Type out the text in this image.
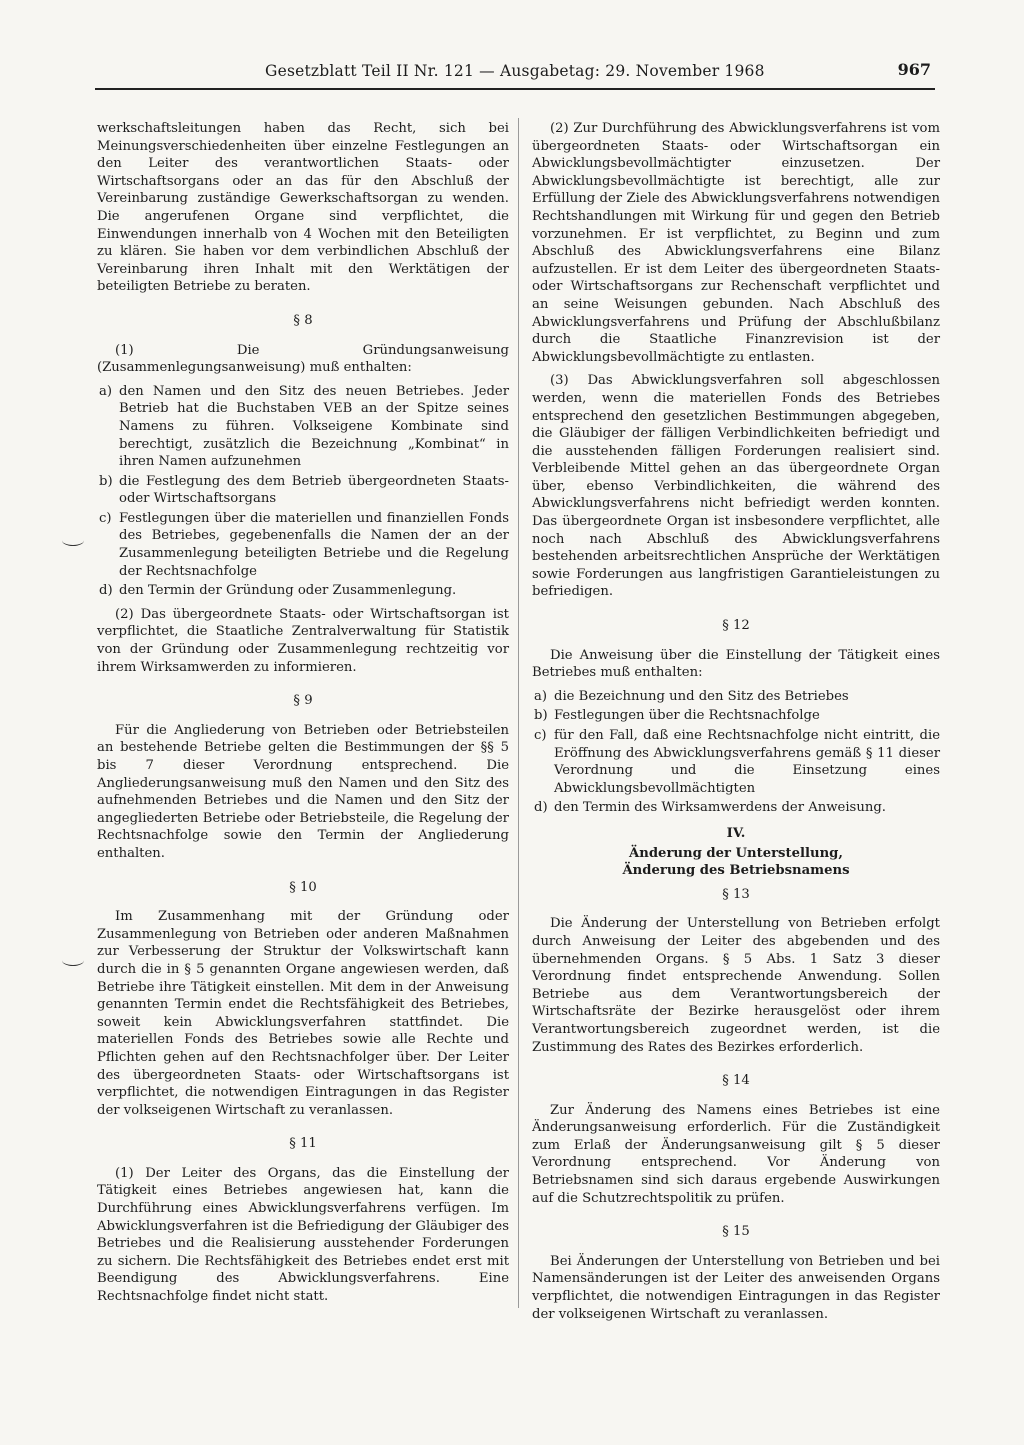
Gesetzblatt Teil II Nr. 121 — Ausgabetag: 29. November 1968	967

werkschaftsleitungen haben das Recht, sich bei Meinungsverschiedenheiten über einzelne Festlegungen an den Leiter des verantwortlichen Staats- oder Wirtschaftsorgans oder an das für den Abschluß der Vereinbarung zuständige Gewerkschaftsorgan zu wenden. Die angerufenen Organe sind verpflichtet, die Einwendungen innerhalb von 4 Wochen mit den Beteiligten zu klären. Sie haben vor dem verbindlichen Abschluß der Vereinbarung ihren Inhalt mit den Werktätigen der beteiligten Betriebe zu beraten.

§ 8

(1) Die Gründungsanweisung (Zusammenlegungsanweisung) muß enthalten:

a) den Namen und den Sitz des neuen Betriebes. Jeder Betrieb hat die Buchstaben VEB an der Spitze seines Namens zu führen. Volkseigene Kombinate sind berechtigt, zusätzlich die Bezeichnung „Kombinat“ in ihren Namen aufzunehmen
b) die Festlegung des dem Betrieb übergeordneten Staats- oder Wirtschaftsorgans
c) Festlegungen über die materiellen und finanziellen Fonds des Betriebes, gegebenenfalls die Namen der an der Zusammenlegung beteiligten Betriebe und die Regelung der Rechtsnachfolge
d) den Termin der Gründung oder Zusammenlegung.

(2) Das übergeordnete Staats- oder Wirtschaftsorgan ist verpflichtet, die Staatliche Zentralverwaltung für Statistik von der Gründung oder Zusammenlegung rechtzeitig vor ihrem Wirksamwerden zu informieren.

§ 9

Für die Angliederung von Betrieben oder Betriebsteilen an bestehende Betriebe gelten die Bestimmungen der §§ 5 bis 7 dieser Verordnung entsprechend. Die Angliederungsanweisung muß den Namen und den Sitz des aufnehmenden Betriebes und die Namen und den Sitz der angegliederten Betriebe oder Betriebsteile, die Regelung der Rechtsnachfolge sowie den Termin der Angliederung enthalten.

§ 10

Im Zusammenhang mit der Gründung oder Zusammenlegung von Betrieben oder anderen Maßnahmen zur Verbesserung der Struktur der Volkswirtschaft kann durch die in § 5 genannten Organe angewiesen werden, daß Betriebe ihre Tätigkeit einstellen. Mit dem in der Anweisung genannten Termin endet die Rechtsfähigkeit des Betriebes, soweit kein Abwicklungsverfahren stattfindet. Die materiellen Fonds des Betriebes sowie alle Rechte und Pflichten gehen auf den Rechtsnachfolger über. Der Leiter des übergeordneten Staats- oder Wirtschaftsorgans ist verpflichtet, die notwendigen Eintragungen in das Register der volkseigenen Wirtschaft zu veranlassen.

§ 11

(1) Der Leiter des Organs, das die Einstellung der Tätigkeit eines Betriebes angewiesen hat, kann die Durchführung eines Abwicklungsverfahrens verfügen. Im Abwicklungsverfahren ist die Befriedigung der Gläubiger des Betriebes und die Realisierung ausstehender Forderungen zu sichern. Die Rechtsfähigkeit des Betriebes endet erst mit Beendigung des Abwicklungsverfahrens. Eine Rechtsnachfolge findet nicht statt.

(2) Zur Durchführung des Abwicklungsverfahrens ist vom übergeordneten Staats- oder Wirtschaftsorgan ein Abwicklungsbevollmächtigter einzusetzen. Der Abwicklungsbevollmächtigte ist berechtigt, alle zur Erfüllung der Ziele des Abwicklungsverfahrens notwendigen Rechtshandlungen mit Wirkung für und gegen den Betrieb vorzunehmen. Er ist verpflichtet, zu Beginn und zum Abschluß des Abwicklungsverfahrens eine Bilanz aufzustellen. Er ist dem Leiter des übergeordneten Staats- oder Wirtschaftsorgans zur Rechenschaft verpflichtet und an seine Weisungen gebunden. Nach Abschluß des Abwicklungsverfahrens und Prüfung der Abschlußbilanz durch die Staatliche Finanzrevision ist der Abwicklungsbevollmächtigte zu entlasten.

(3) Das Abwicklungsverfahren soll abgeschlossen werden, wenn die materiellen Fonds des Betriebes entsprechend den gesetzlichen Bestimmungen abgegeben, die Gläubiger der fälligen Verbindlichkeiten befriedigt und die ausstehenden fälligen Forderungen realisiert sind. Verbleibende Mittel gehen an das übergeordnete Organ über, ebenso Verbindlichkeiten, die während des Abwicklungsverfahrens nicht befriedigt werden konnten. Das übergeordnete Organ ist insbesondere verpflichtet, alle noch nach Abschluß des Abwicklungsverfahrens bestehenden arbeitsrechtlichen Ansprüche der Werktätigen sowie Forderungen aus langfristigen Garantieleistungen zu befriedigen.

§ 12

Die Anweisung über die Einstellung der Tätigkeit eines Betriebes muß enthalten:

a) die Bezeichnung und den Sitz des Betriebes
b) Festlegungen über die Rechtsnachfolge
c) für den Fall, daß eine Rechtsnachfolge nicht eintritt, die Eröffnung des Abwicklungsverfahrens gemäß § 11 dieser Verordnung und die Einsetzung eines Abwicklungsbevollmächtigten
d) den Termin des Wirksamwerdens der Anweisung.
IV.
Änderung der Unterstellung,
Änderung des Betriebsnamens
§ 13

Die Änderung der Unterstellung von Betrieben erfolgt durch Anweisung der Leiter des abgebenden und des übernehmenden Organs. § 5 Abs. 1 Satz 3 dieser Verordnung findet entsprechende Anwendung. Sollen Betriebe aus dem Verantwortungsbereich der Wirtschaftsräte der Bezirke herausgelöst oder ihrem Verantwortungsbereich zugeordnet werden, ist die Zustimmung des Rates des Bezirkes erforderlich.

§ 14

Zur Änderung des Namens eines Betriebes ist eine Änderungsanweisung erforderlich. Für die Zuständigkeit zum Erlaß der Änderungsanweisung gilt § 5 dieser Verordnung entsprechend. Vor Änderung von Betriebsnamen sind sich daraus ergebende Auswirkungen auf die Schutzrechtspolitik zu prüfen.

§ 15

Bei Änderungen der Unterstellung von Betrieben und bei Namensänderungen ist der Leiter des anweisenden Organs verpflichtet, die notwendigen Eintragungen in das Register der volkseigenen Wirtschaft zu veranlassen.
